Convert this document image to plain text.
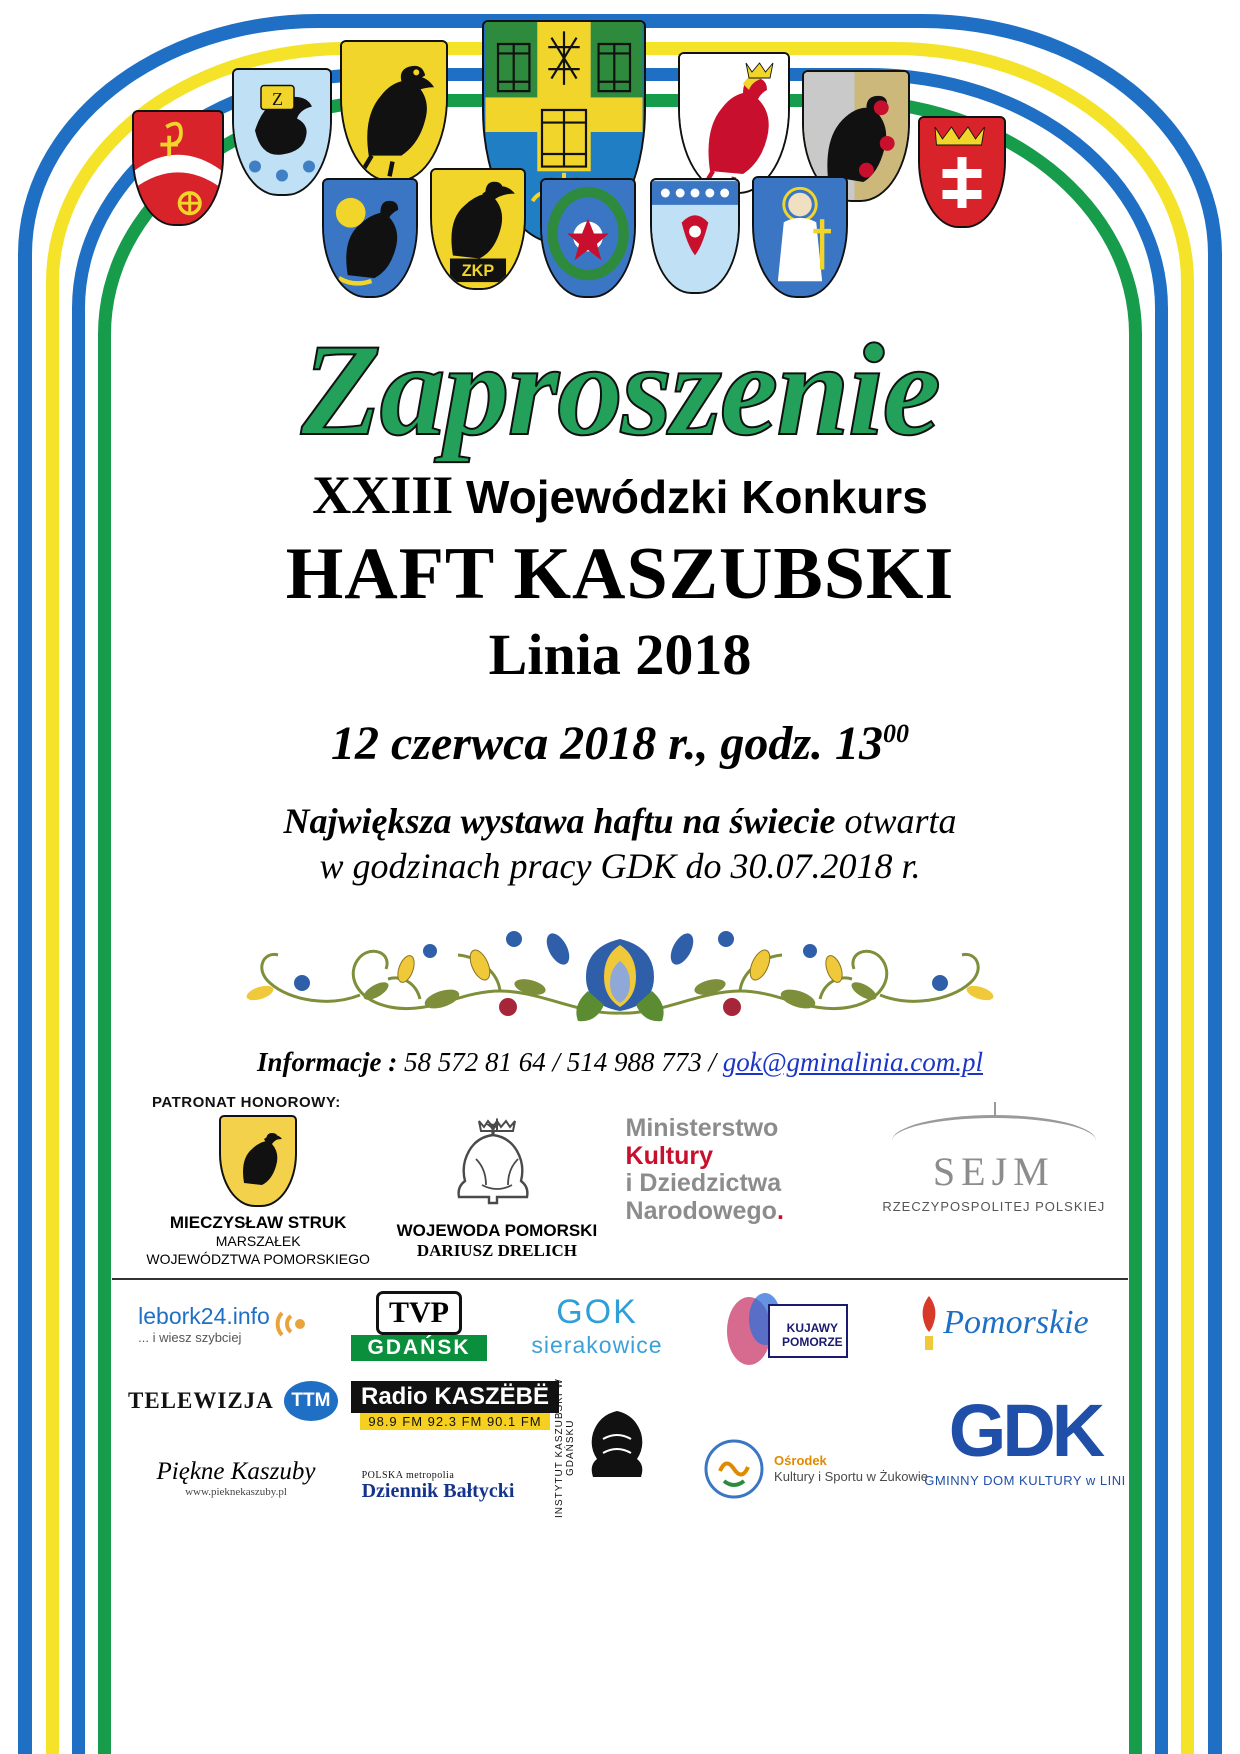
Z
ZKP
Zaproszenie
XXIII Wojewódzki Konkurs
HAFT KASZUBSKI
Linia 2018
12 czerwca 2018 r., godz. $13^{00}$
Największa wystawa haftu na świecie otwarta
w godzinach pracy GDK do 30.07.2018 r.
Informacje : 58 572 81 64 / 514 988 773 / gok@gminalinia.com.pl
PATRONAT HONOROWY:
MIECZYSŁAW STRUK
MARSZAŁEK
WOJEWÓDZTWA POMORSKIEGO
WOJEWODA POMORSKI
DARIUSZ DRELICH
Ministerstwo
Kultury
i Dziedzictwa
Narodowego.
SEJM
RZECZYPOSPOLITEJ POLSKIEJ
lebork24.info
... i wiesz szybciej
TVP
GDAŃSK
GOK
sierakowice
KUJAWY
POMORZE
Pomorskie
TELEWIZJA TTM	Radio KASZËBË
98.9 FM 92.3 FM 90.1 FM
Piękne Kaszuby
www.pieknekaszuby.pl
POLSKA metropolia
Dziennik Bałtycki	INSTYTUT KASZUBSKI W GDAŃSKU	Ośrodek
Kultury i Sportu w Żukowie
GDK
GMINNY DOM KULTURY w LINI
